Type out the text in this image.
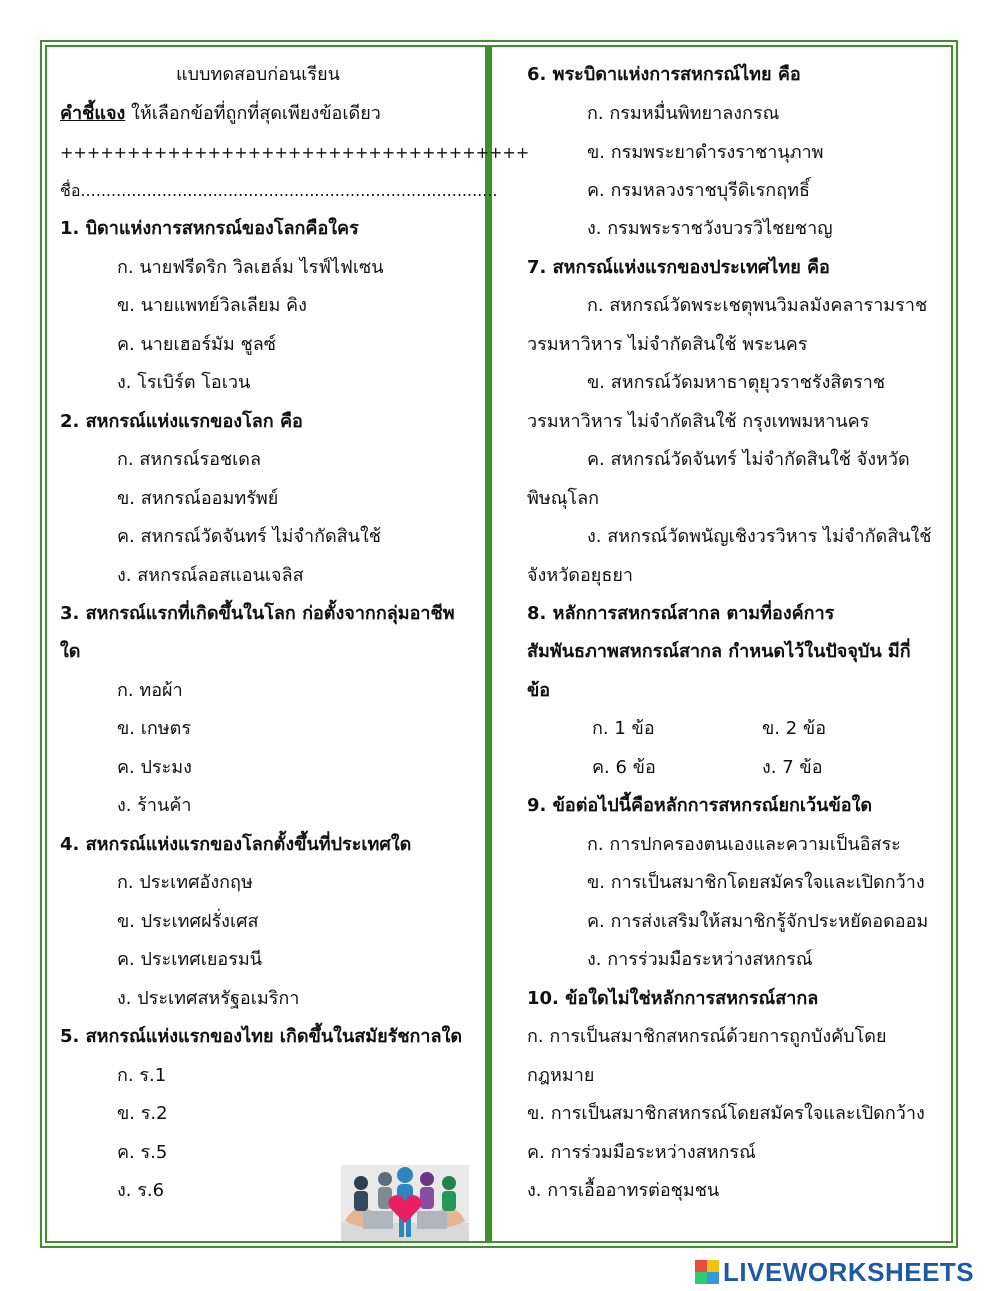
แบบทดสอบก่อนเรียน
คำชี้แจง ให้เลือกข้อที่ถูกที่สุดเพียงข้อเดียว
+++++++++++++++++++++++++++++++++++
ชื่อ..................................................................................
1. บิดาแห่งการสหกรณ์ของโลกคือใคร
ก. นายฟรีดริก วิลเฮล์ม ไรฟ์ไฟเซน
ข. นายแพทย์วิลเลียม คิง
ค. นายเฮอร์มัม ชูลซ์
ง. โรเบิร์ต โอเวน
2. สหกรณ์แห่งแรกของโลก คือ
ก. สหกรณ์รอชเดล
ข. สหกรณ์ออมทรัพย์
ค. สหกรณ์วัดจันทร์ ไม่จำกัดสินใช้
ง. สหกรณ์ลอสแอนเจลิส
3. สหกรณ์แรกที่เกิดขึ้นในโลก ก่อตั้งจากกลุ่มอาชีพ
ใด
ก. ทอผ้า
ข. เกษตร
ค. ประมง
ง. ร้านค้า
4. สหกรณ์แห่งแรกของโลกตั้งขึ้นที่ประเทศใด
ก. ประเทศอังกฤษ
ข. ประเทศฝรั่งเศส
ค. ประเทศเยอรมนี
ง. ประเทศสหรัฐอเมริกา
5. สหกรณ์แห่งแรกของไทย เกิดขึ้นในสมัยรัชกาลใด
ก. ร.1
ข. ร.2
ค. ร.5
ง. ร.6
6. พระบิดาแห่งการสหกรณ์ไทย คือ
ก. กรมหมื่นพิทยาลงกรณ
ข. กรมพระยาดำรงราชานุภาพ
ค. กรมหลวงราชบุรีดิเรกฤทธิ์
ง. กรมพระราชวังบวรวิไชยชาญ
7. สหกรณ์แห่งแรกของประเทศไทย คือ
ก. สหกรณ์วัดพระเชตุพนวิมลมังคลารามราช
วรมหาวิหาร ไม่จำกัดสินใช้ พระนคร
ข. สหกรณ์วัดมหาธาตุยุวราชรังสิตราช
วรมหาวิหาร ไม่จำกัดสินใช้ กรุงเทพมหานคร
ค. สหกรณ์วัดจันทร์ ไม่จำกัดสินใช้ จังหวัด
พิษณุโลก
ง. สหกรณ์วัดพนัญเชิงวรวิหาร ไม่จำกัดสินใช้
จังหวัดอยุธยา
8. หลักการสหกรณ์สากล ตามที่องค์การ
สัมพันธภาพสหกรณ์สากล กำหนดไว้ในปัจจุบัน มีกี่
ข้อ
ก. 1 ข้อ	ข. 2 ข้อ
ค. 6 ข้อ	ง. 7 ข้อ
9. ข้อต่อไปนี้คือหลักการสหกรณ์ยกเว้นข้อใด
ก. การปกครองตนเองและความเป็นอิสระ
ข. การเป็นสมาชิกโดยสมัครใจและเปิดกว้าง
ค. การส่งเสริมให้สมาชิกรู้จักประหยัดอดออม
ง. การร่วมมือระหว่างสหกรณ์
10. ข้อใดไม่ใช่หลักการสหกรณ์สากล
ก. การเป็นสมาชิกสหกรณ์ด้วยการถูกบังคับโดย
กฎหมาย
ข. การเป็นสมาชิกสหกรณ์โดยสมัครใจและเปิดกว้าง
ค. การร่วมมือระหว่างสหกรณ์
ง. การเอื้ออาทรต่อชุมชน
LIVEWORKSHEETS
